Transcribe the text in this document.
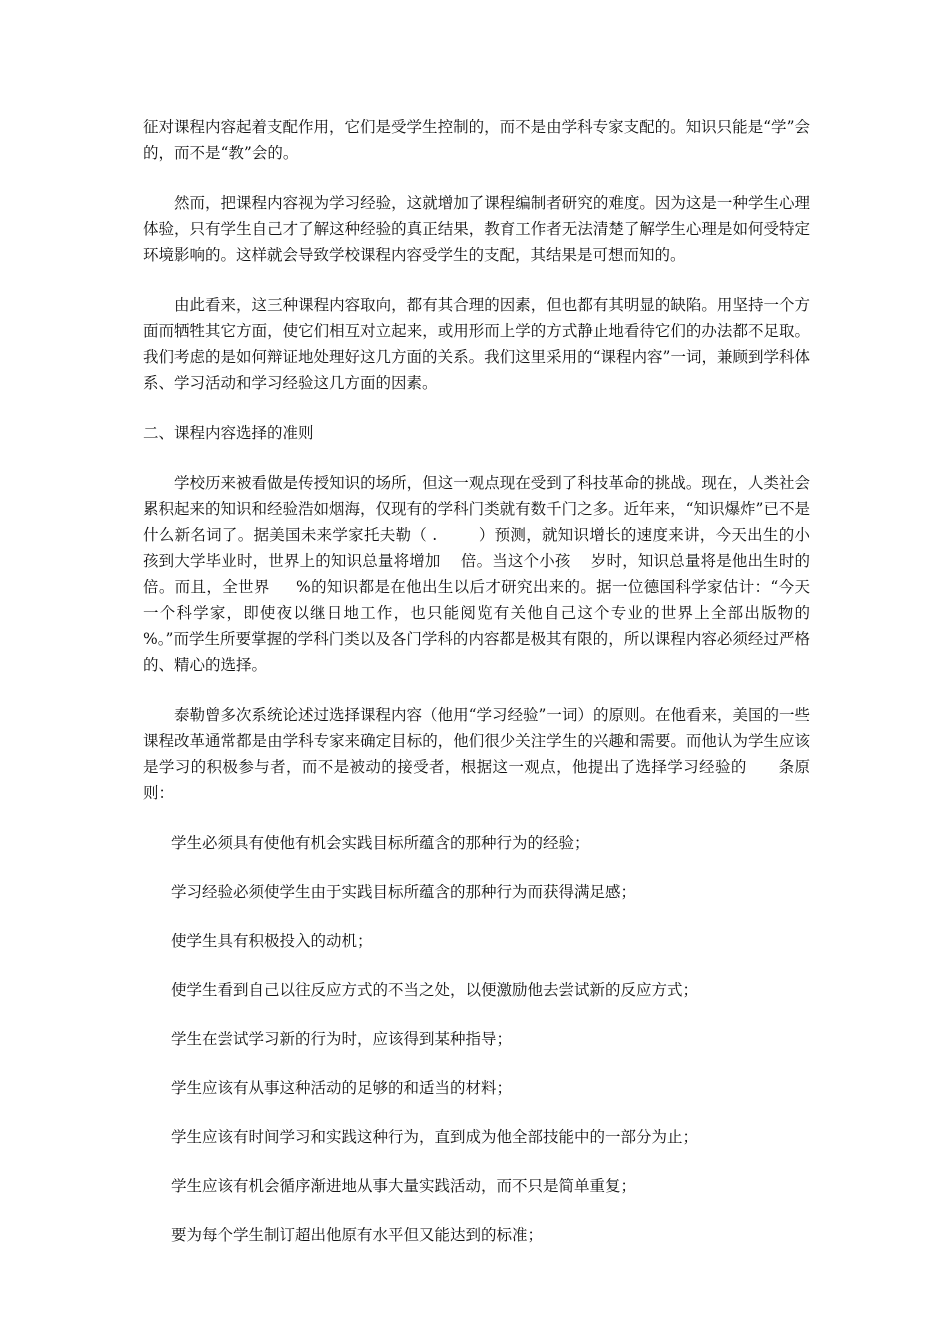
征对课程内容起着支配作用，它们是受学生控制的，而不是由学科专家支配的。知识只能是“学”会的，而不是“教”会的。

然而，把课程内容视为学习经验，这就增加了课程编制者研究的难度。因为这是一种学生心理体验，只有学生自己才了解这种经验的真正结果，教育工作者无法清楚了解学生心理是如何受特定环境影响的。这样就会导致学校课程内容受学生的支配，其结果是可想而知的。

由此看来，这三种课程内容取向，都有其合理的因素，但也都有其明显的缺陷。用坚持一个方面而牺牲其它方面，使它们相互对立起来，或用形而上学的方式静止地看待它们的办法都不足取。我们考虑的是如何辩证地处理好这几方面的关系。我们这里采用的“课程内容”一词，兼顾到学科体系、学习活动和学习经验这几方面的因素。

二、课程内容选择的准则

学校历来被看做是传授知识的场所，但这一观点现在受到了科技革命的挑战。现在，人类社会累积起来的知识和经验浩如烟海，仅现有的学科门类就有数千门之多。近年来，“知识爆炸”已不是什么新名词了。据美国未来学家托夫勒（ .        ）预测，就知识增长的速度来讲，今天出生的小孩到大学毕业时，世界上的知识总量将增加    倍。当这个小孩    岁时，知识总量将是他出生时的      倍。而且，全世界     %的知识都是在他出生以后才研究出来的。据一位德国科学家估计：“今天一个科学家，即使夜以继日地工作，也只能阅览有关他自己这个专业的世界上全部出版物的    %。”而学生所要掌握的学科门类以及各门学科的内容都是极其有限的，所以课程内容必须经过严格的、精心的选择。

泰勒曾多次系统论述过选择课程内容（他用“学习经验”一词）的原则。在他看来，美国的一些课程改革通常都是由学科专家来确定目标的，他们很少关注学生的兴趣和需要。而他认为学生应该是学习的积极参与者，而不是被动的接受者，根据这一观点，他提出了选择学习经验的      条原则：

学生必须具有使他有机会实践目标所蕴含的那种行为的经验；

学习经验必须使学生由于实践目标所蕴含的那种行为而获得满足感；

使学生具有积极投入的动机；

使学生看到自己以往反应方式的不当之处，以便激励他去尝试新的反应方式；

学生在尝试学习新的行为时，应该得到某种指导；

学生应该有从事这种活动的足够的和适当的材料；

学生应该有时间学习和实践这种行为，直到成为他全部技能中的一部分为止；

学生应该有机会循序渐进地从事大量实践活动，而不只是简单重复；

要为每个学生制订超出他原有水平但又能达到的标准；
